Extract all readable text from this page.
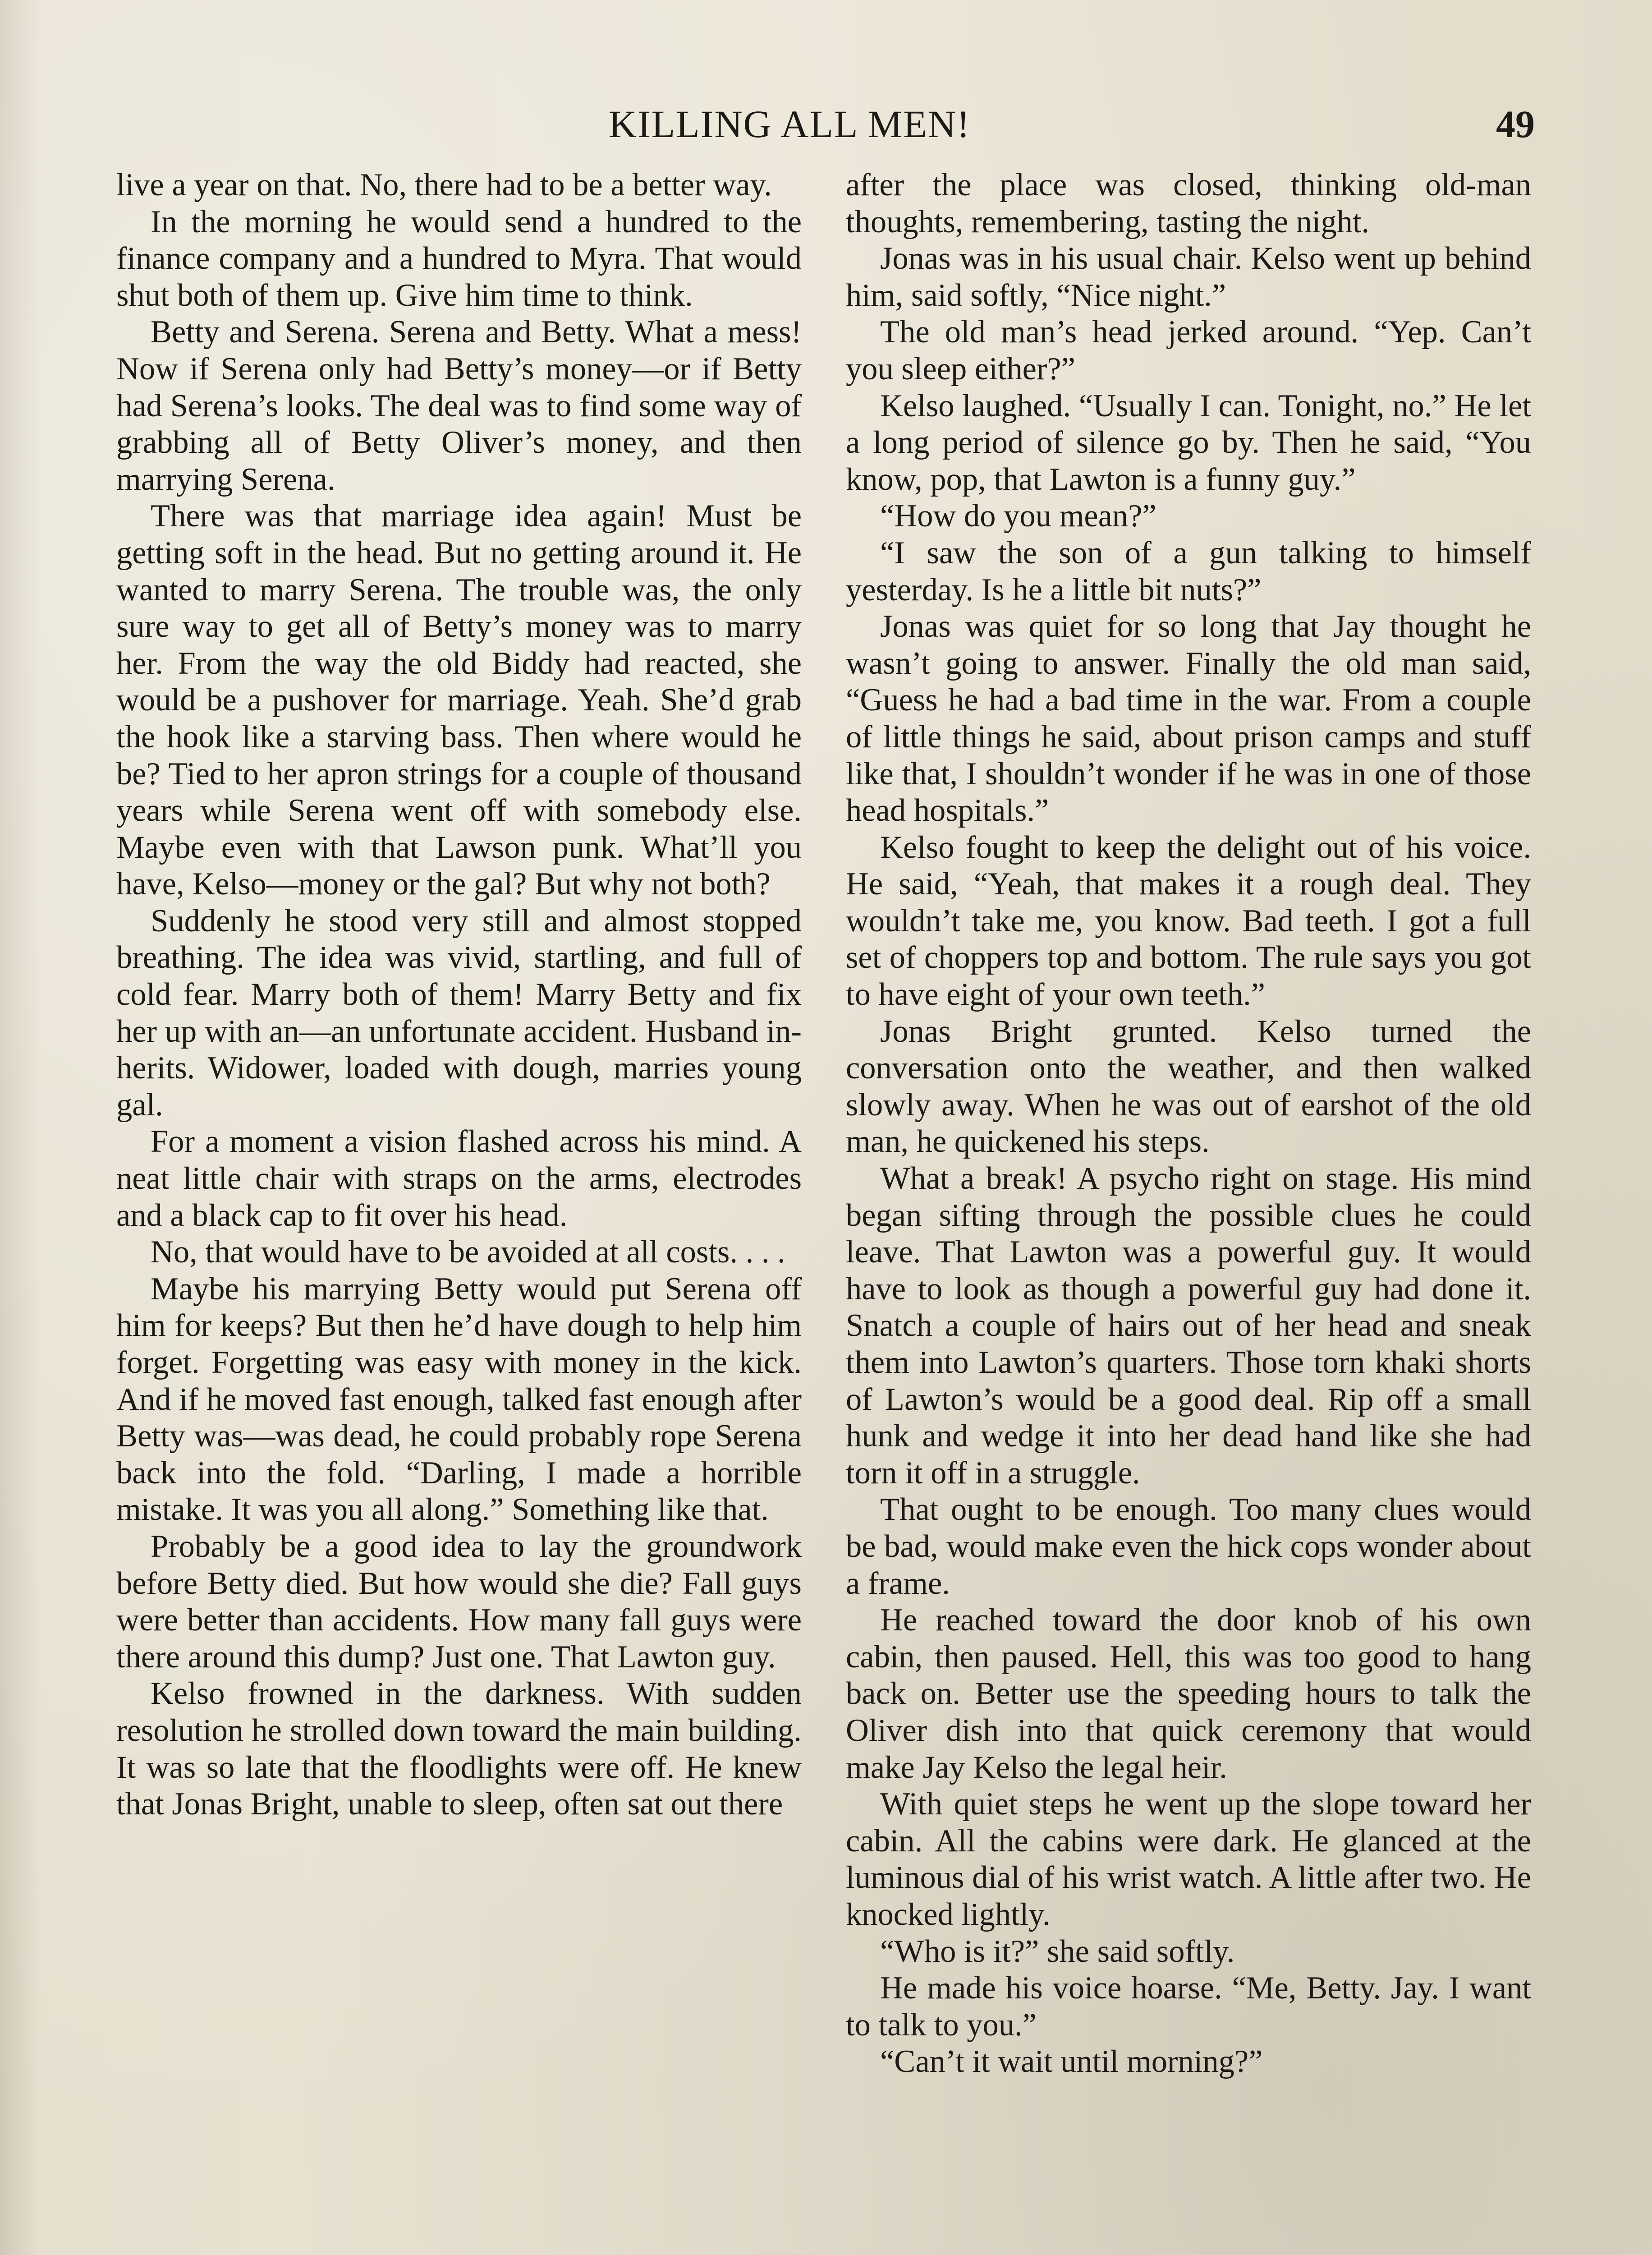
KILLING ALL MEN!	49

live a year on that. No, there had to be a better way.

In the morning he would send a hundred to the finance company and a hundred to Myra. That would shut both of them up. Give him time to think.

Betty and Serena. Serena and Betty. What a mess! Now if Serena only had Betty’s money—or if Betty had Serena’s looks. The deal was to find some way of grabbing all of Betty Oliver’s money, and then marrying Serena.

There was that marriage idea again! Must be getting soft in the head. But no getting around it. He wanted to marry Serena. The trouble was, the only sure way to get all of Betty’s money was to marry her. From the way the old Biddy had reacted, she would be a pushover for marriage. Yeah. She’d grab the hook like a starving bass. Then where would he be? Tied to her apron strings for a couple of thousand years while Serena went off with somebody else. Maybe even with that Lawson punk. What’ll you have, Kelso—money or the gal? But why not both?

Suddenly he stood very still and almost stopped breathing. The idea was vivid, startling, and full of cold fear. Marry both of them! Marry Betty and fix her up with an—an unfortunate accident. Husband inherits. Widower, loaded with dough, marries young gal.

For a moment a vision flashed across his mind. A neat little chair with straps on the arms, electrodes and a black cap to fit over his head.

No, that would have to be avoided at all costs. . . .

Maybe his marrying Betty would put Serena off him for keeps? But then he’d have dough to help him forget. Forgetting was easy with money in the kick. And if he moved fast enough, talked fast enough after Betty was—was dead, he could probably rope Serena back into the fold. “Darling, I made a horrible mistake. It was you all along.” Something like that.

Probably be a good idea to lay the groundwork before Betty died. But how would she die? Fall guys were better than accidents. How many fall guys were there around this dump? Just one. That Lawton guy.

Kelso frowned in the darkness. With sudden resolution he strolled down toward the main building. It was so late that the floodlights were off. He knew that Jonas Bright, unable to sleep, often sat out there

after the place was closed, thinking old-man thoughts, remembering, tasting the night.

Jonas was in his usual chair. Kelso went up behind him, said softly, “Nice night.”

The old man’s head jerked around. “Yep. Can’t you sleep either?”

Kelso laughed. “Usually I can. Tonight, no.” He let a long period of silence go by. Then he said, “You know, pop, that Lawton is a funny guy.”

“How do you mean?”

“I saw the son of a gun talking to himself yesterday. Is he a little bit nuts?”

Jonas was quiet for so long that Jay thought he wasn’t going to answer. Finally the old man said, “Guess he had a bad time in the war. From a couple of little things he said, about prison camps and stuff like that, I shouldn’t wonder if he was in one of those head hospitals.”

Kelso fought to keep the delight out of his voice. He said, “Yeah, that makes it a rough deal. They wouldn’t take me, you know. Bad teeth. I got a full set of choppers top and bottom. The rule says you got to have eight of your own teeth.”

Jonas Bright grunted. Kelso turned the conversation onto the weather, and then walked slowly away. When he was out of earshot of the old man, he quickened his steps.

What a break! A psycho right on stage. His mind began sifting through the possible clues he could leave. That Lawton was a powerful guy. It would have to look as though a powerful guy had done it. Snatch a couple of hairs out of her head and sneak them into Lawton’s quarters. Those torn khaki shorts of Lawton’s would be a good deal. Rip off a small hunk and wedge it into her dead hand like she had torn it off in a struggle.

That ought to be enough. Too many clues would be bad, would make even the hick cops wonder about a frame.

He reached toward the door knob of his own cabin, then paused. Hell, this was too good to hang back on. Better use the speeding hours to talk the Oliver dish into that quick ceremony that would make Jay Kelso the legal heir.

With quiet steps he went up the slope toward her cabin. All the cabins were dark. He glanced at the luminous dial of his wrist watch. A little after two. He knocked lightly.

“Who is it?” she said softly.

He made his voice hoarse. “Me, Betty. Jay. I want to talk to you.”

“Can’t it wait until morning?”
